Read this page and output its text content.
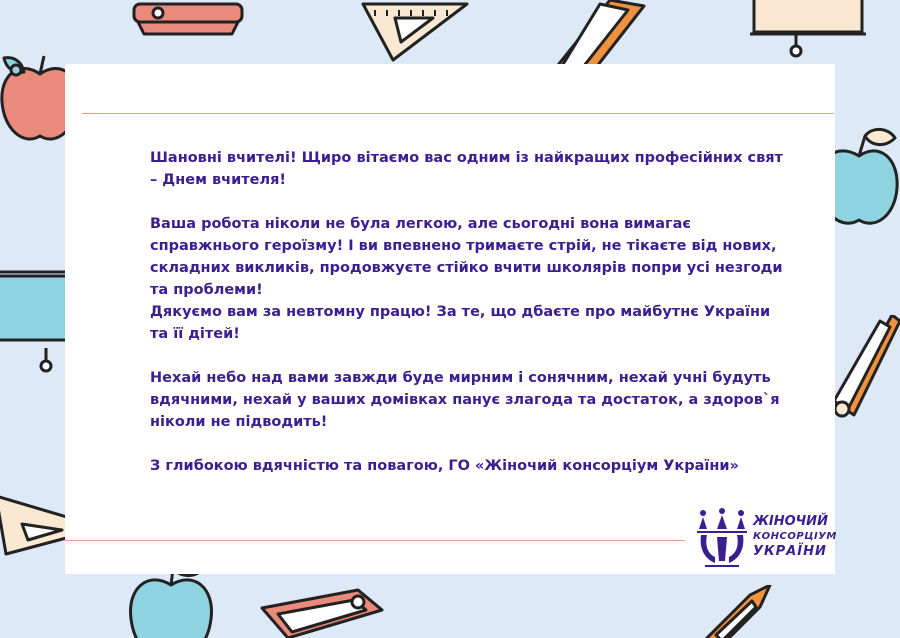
Шановні вчителі! Щиро вітаємо вас одним із найкращих професійних свят – Днем вчителя!

Ваша робота ніколи не була легкою, але сьогодні вона вимагає справжнього героїзму! І ви впевнено тримаєте стрій, не тікаєте від нових, складних викликів, продовжуєте стійко вчити школярів попри усі незгоди та проблеми!
Дякуємо вам за невтомну працю! За те, що дбаєте про майбутнє України та її дітей!

Нехай небо над вами завжди буде мирним і сонячним, нехай учні будуть вдячними, нехай у ваших домівках панує злагода та достаток, а здоров`я ніколи не підводить!

З глибокою вдячністю та повагою, ГО «Жіночий консорціум України»

ЖІНОЧИЙ
КОНСОРЦІУМ
УКРАЇНИ
